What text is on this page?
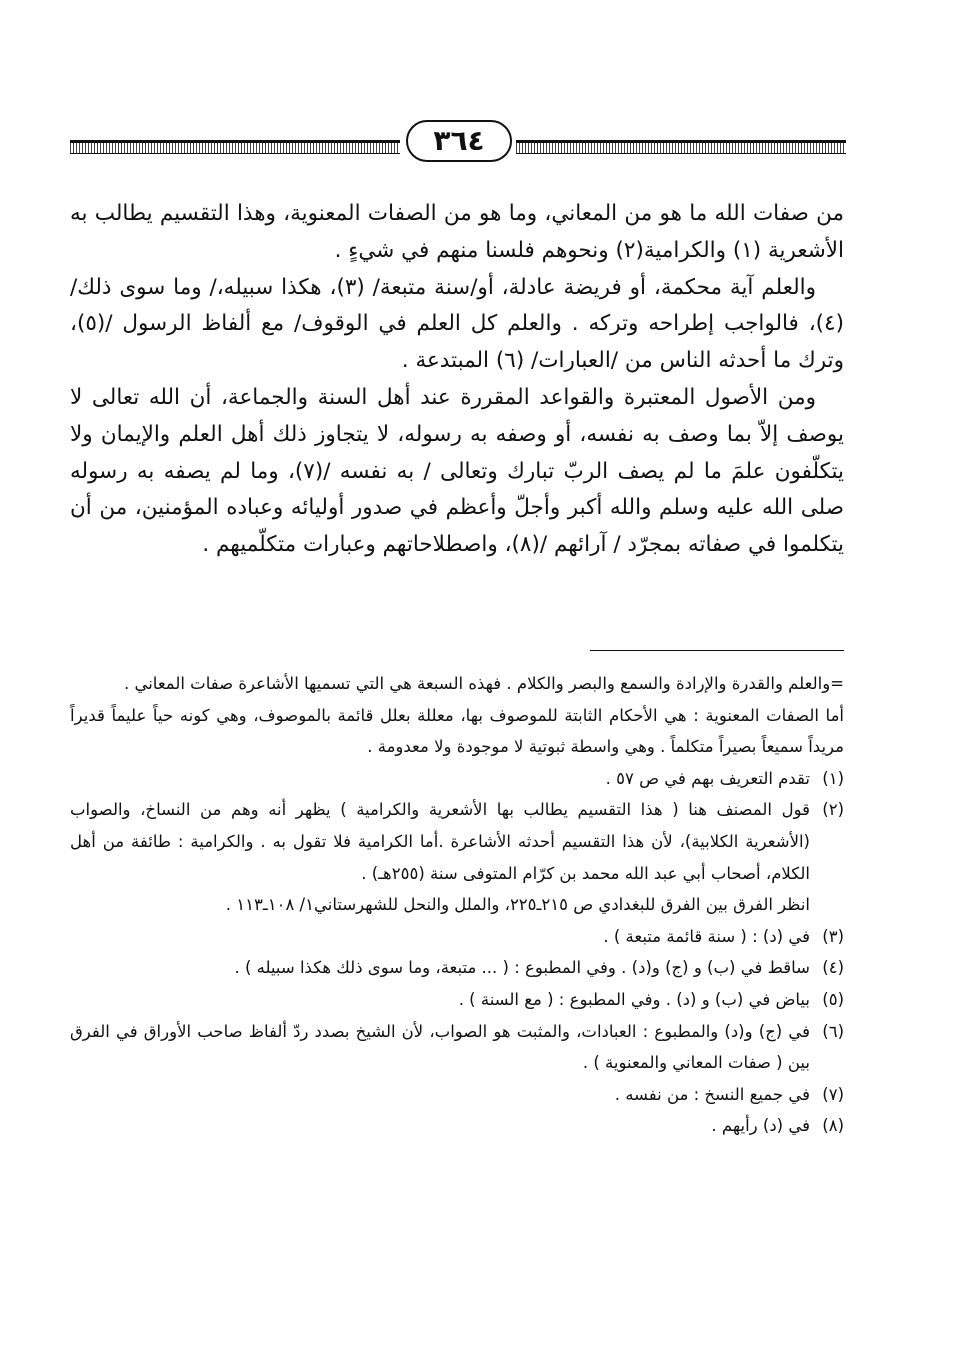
٣٦٤

من صفات الله ما هو من المعاني، وما هو من الصفات المعنوية، وهذا التقسيم يطالب به الأشعرية (١) والكرامية(٢) ونحوهم فلسنا منهم في شيءٍ .

والعلم آية محكمة، أو فريضة عادلة، أو/سنة متبعة/ (٣)، هكذا سبيله،/ وما سوى ذلك/ (٤)، فالواجب إطراحه وتركه . والعلم كل العلم في الوقوف/ مع ألفاظ الرسول /(٥)، وترك ما أحدثه الناس من /العبارات/ (٦) المبتدعة .

ومن الأصول المعتبرة والقواعد المقررة عند أهل السنة والجماعة، أن الله تعالى لا يوصف إلاّ بما وصف به نفسه، أو وصفه به رسوله، لا يتجاوز ذلك أهل العلم والإيمان ولا يتكلّفون علمَ ما لم يصف الربّ تبارك وتعالى / به نفسه /(٧)، وما لم يصفه به رسوله صلى الله عليه وسلم والله أكبر وأجلّ وأعظم في صدور أوليائه وعباده المؤمنين، من أن يتكلموا في صفاته بمجرّد / آرائهم /(٨)، واصطلاحاتهم وعبارات متكلّميهم .

=والعلم والقدرة والإرادة والسمع والبصر والكلام . فهذه السبعة هي التي تسميها الأشاعرة صفات المعاني .

أما الصفات المعنوية : هي الأحكام الثابتة للموصوف بها، معللة بعلل قائمة بالموصوف، وهي كونه حياً عليماً قديراً مريداً سميعاً بصيراً متكلماً . وهي واسطة ثبوتية لا موجودة ولا معدومة .

(١)
تقدم التعريف بهم في ص ٥٧ .
(٢)
قول المصنف هنا ( هذا التقسيم يطالب بها الأشعرية والكرامية ) يظهر أنه وهم من النساخ، والصواب (الأشعرية الكلابية)، لأن هذا التقسيم أحدثه الأشاعرة .أما الكرامية فلا تقول به . والكرامية : طائفة من أهل الكلام، أصحاب أبي عبد الله محمد بن كرّام المتوفى سنة (٢٥٥هـ) .
انظر الفرق بين الفرق للبغدادي ص ٢١٥ـ٢٢٥، والملل والنحل للشهرستاني١/ ١٠٨ـ١١٣ .
(٣)
في (د) : ( سنة قائمة متبعة ) .
(٤)
ساقط في (ب) و (ج) و(د) . وفي المطبوع : ( ... متبعة، وما سوى ذلك هكذا سبيله ) .
(٥)
بياض في (ب) و (د) . وفي المطبوع : ( مع السنة ) .
(٦)
في (ج) و(د) والمطبوع : العبادات، والمثبت هو الصواب، لأن الشيخ بصدد ردّ ألفاظ صاحب الأوراق في الفرق بين ( صفات المعاني والمعنوية ) .
(٧)
في جميع النسخ : من نفسه .
(٨)
في (د) رأيهم .
